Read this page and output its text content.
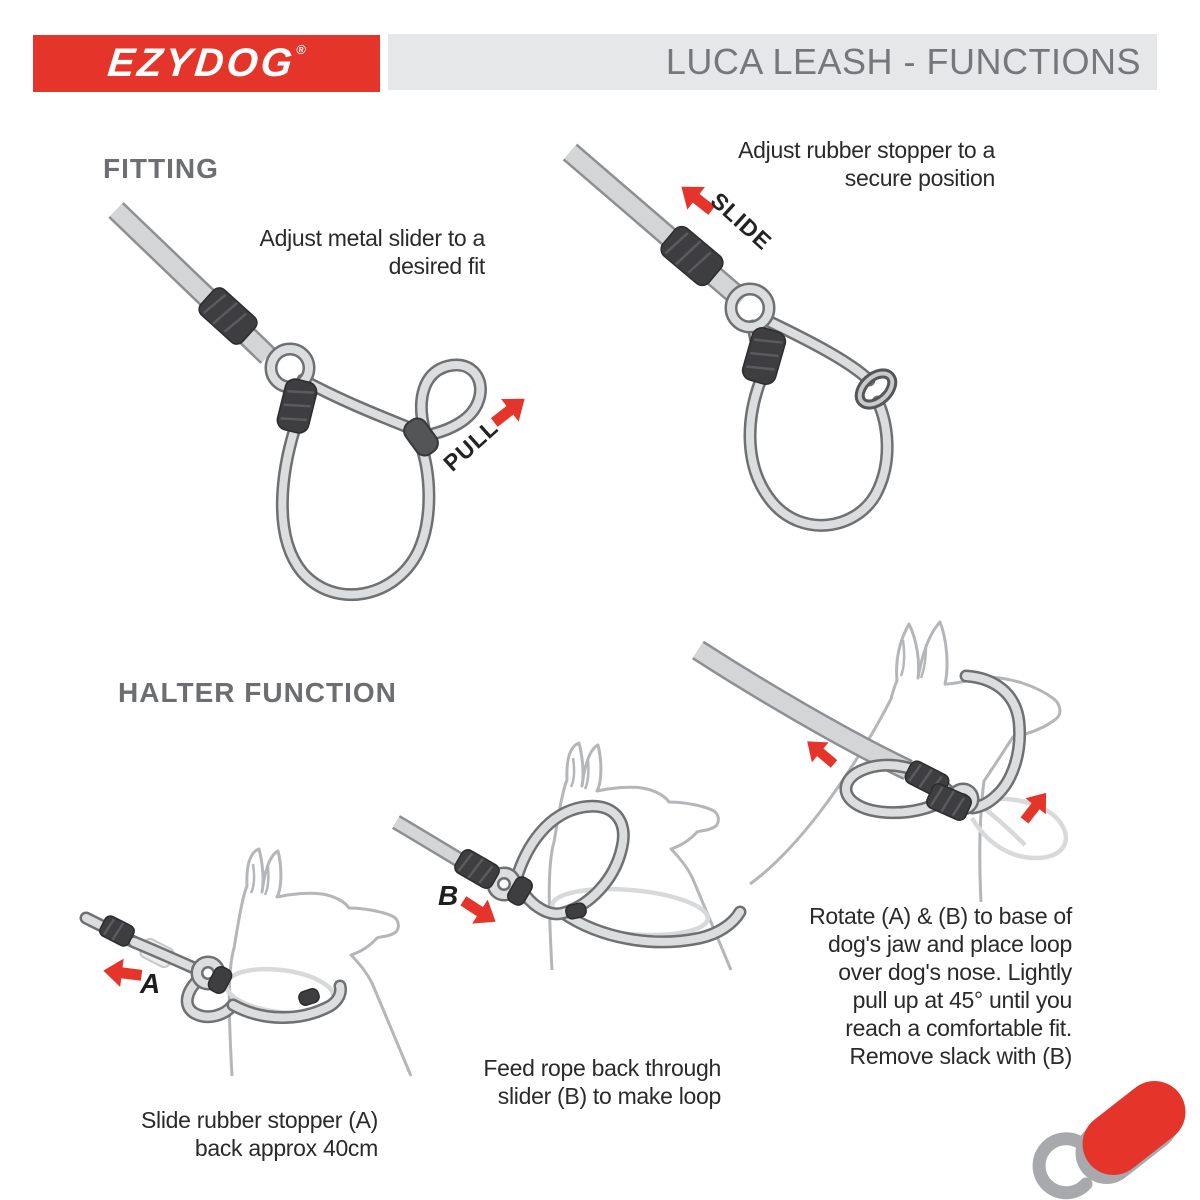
EZYDOG®	LUCA LEASH - FUNCTIONS
FITTING
HALTER FUNCTION
Adjust metal slider to a
desired fit
Adjust rubber stopper to a
secure position
Slide rubber stopper (A)
back approx 40cm
Feed rope back through
slider (B) to make loop
Rotate (A) & (B) to base of
dog's jaw and place loop
over dog's nose. Lightly
pull up at 45° until you
reach a comfortable fit.
Remove slack with (B)
PULL
SLIDE
A
B
